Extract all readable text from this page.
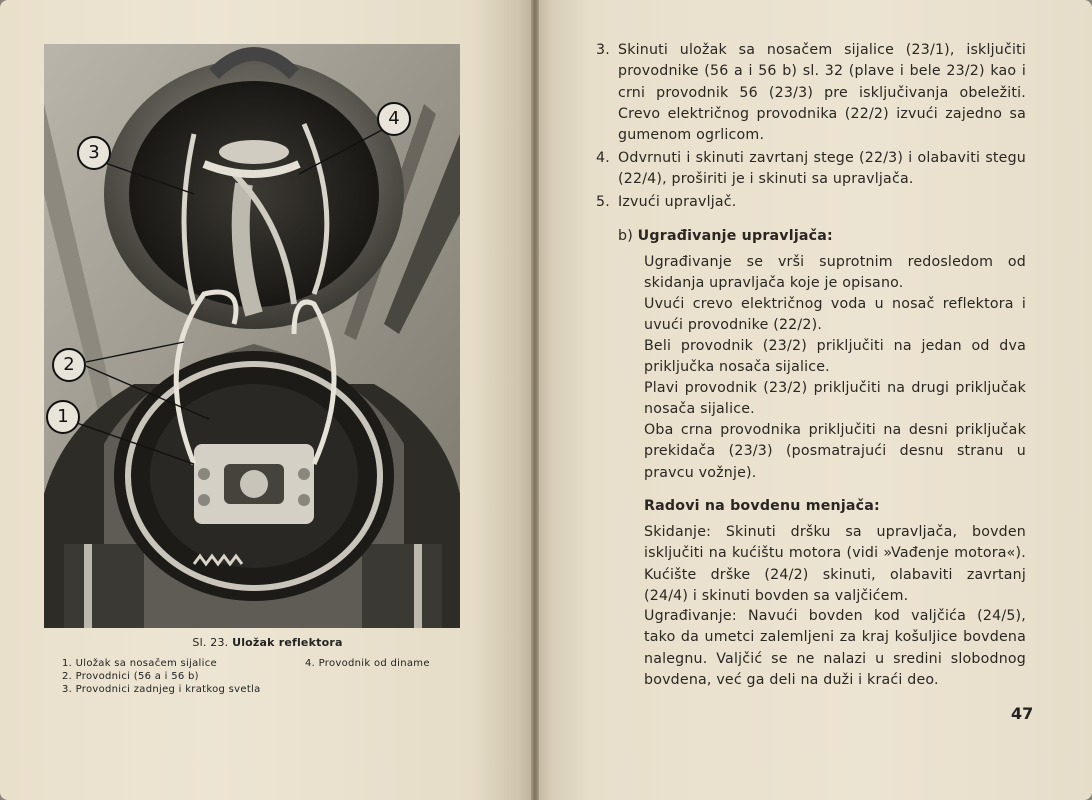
3
4
2
1
Sl. 23. Uložak reflektora
1. Uložak sa nosačem sijalice
2. Provodnici (56 a i 56 b)
3. Provodnici zadnjeg i kratkog svetla
4. Provodnik od diname
3. Skinuti uložak sa nosačem sijalice (23/1), isključiti provodnike (56 a i 56 b) sl. 32 (plave i bele 23/2) kao i crni provodnik 56 (23/3) pre isključivanja obeležiti. Crevo električnog provodnika (22/2) izvući zajedno sa gumenom ogrlicom.
4. Odvrnuti i skinuti zavrtanj stege (22/3) i olabaviti stegu (22/4), proširiti je i skinuti sa upravljača.
5. Izvući upravljač.
b) Ugrađivanje upravljača:
Ugrađivanje se vrši suprotnim redosledom od skidanja upravljača koje je opisano.
Uvući crevo električnog voda u nosač reflektora i uvući provodnike (22/2).
Beli provodnik (23/2) priključiti na jedan od dva priključka nosača sijalice.
Plavi provodnik (23/2) priključiti na drugi priključak nosača sijalice.
Oba crna provodnika priključiti na desni priključak prekidača (23/3) (posmatrajući desnu stranu u pravcu vožnje).
Radovi na bovdenu menjača:
Skidanje: Skinuti dršku sa upravljača, bovden isključiti na kućištu motora (vidi »Vađenje motora«). Kućište drške (24/2) skinuti, olabaviti zavrtanj (24/4) i skinuti bovden sa valjčićem.
Ugrađivanje: Navući bovden kod valjčića (24/5), tako da umetci zalemljeni za kraj košuljice bovdena nalegnu. Valjčić se ne nalazi u sredini slobodnog bovdena, već ga deli na duži i kraći deo.
47
